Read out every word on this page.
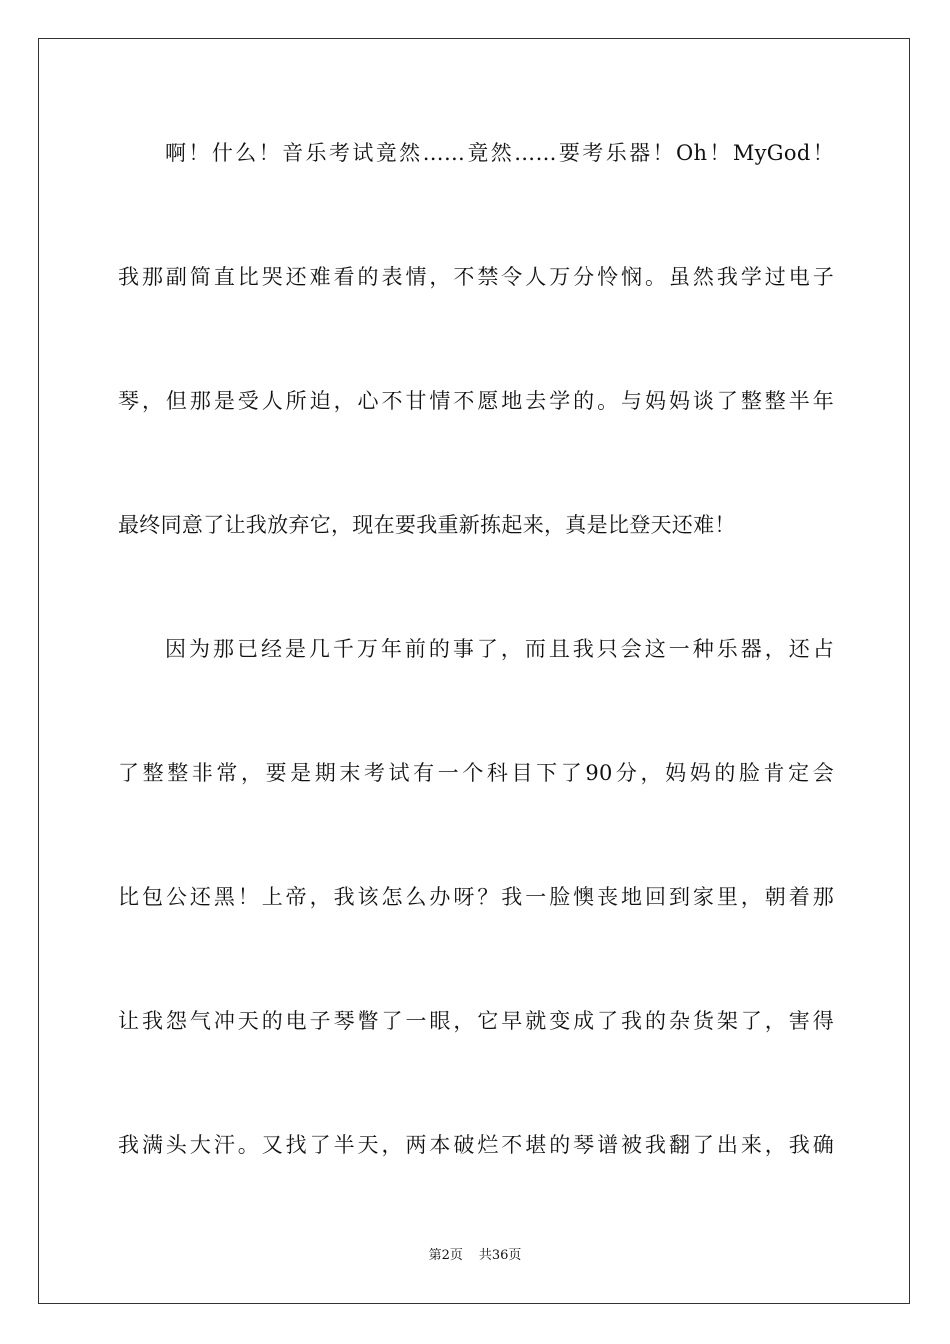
啊！什么！音乐考试竟然……竟然……要考乐器！Oh！MyGod！
我那副简直比哭还难看的表情，不禁令人万分怜悯。虽然我学过电子
琴，但那是受人所迫，心不甘情不愿地去学的。与妈妈谈了整整半年
最终同意了让我放弃它，现在要我重新拣起来，真是比登天还难！
因为那已经是几千万年前的事了，而且我只会这一种乐器，还占
了整整非常，要是期末考试有一个科目下了90分，妈妈的脸肯定会
比包公还黑！上帝，我该怎么办呀？我一脸懊丧地回到家里，朝着那
让我怨气冲天的电子琴瞥了一眼，它早就变成了我的杂货架了，害得
我满头大汗。又找了半天，两本破烂不堪的琴谱被我翻了出来，我确
第2页 共36页
